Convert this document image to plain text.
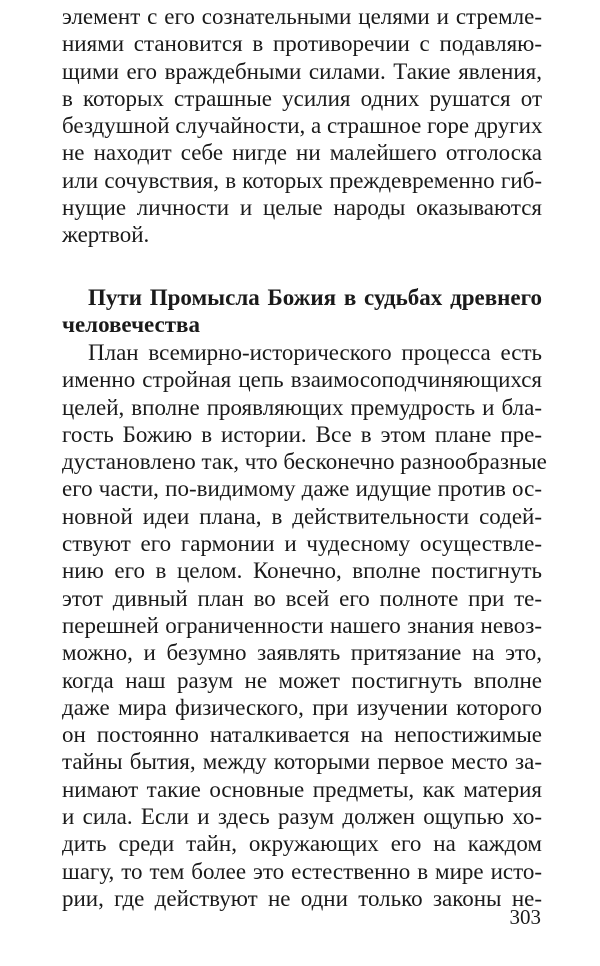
элемент с его сознательными целями и стремле-
ниями становится в противоречии с подавляю-
щими его враждебными силами. Такие явления,
в которых страшные усилия одних рушатся от
бездушной случайности, а страшное горе других
не находит себе нигде ни малейшего отголоска
или сочувствия, в которых преждевременно гиб-
нущие личности и целые народы оказываются
жертвой.
Пути Промысла Божия в судьбах древнего
человечества
План всемирно-исторического процесса есть
именно стройная цепь взаимосоподчиняющихся
целей, вполне проявляющих премудрость и бла-
гость Божию в истории. Все в этом плане пре-
дустановлено так, что бесконечно разнообразные
его части, по-видимому даже идущие против ос-
новной идеи плана, в действительности содей-
ствуют его гармонии и чудесному осуществле-
нию его в целом. Конечно, вполне постигнуть
этот дивный план во всей его полноте при те-
перешней ограниченности нашего знания невоз-
можно, и безумно заявлять притязание на это,
когда наш разум не может постигнуть вполне
даже мира физического, при изучении которого
он постоянно наталкивается на непостижимые
тайны бытия, между которыми первое место за-
нимают такие основные предметы, как материя
и сила. Если и здесь разум должен ощупью хо-
дить среди тайн, окружающих его на каждом
шагу, то тем более это естественно в мире исто-
рии, где действуют не одни только законы не-
303
